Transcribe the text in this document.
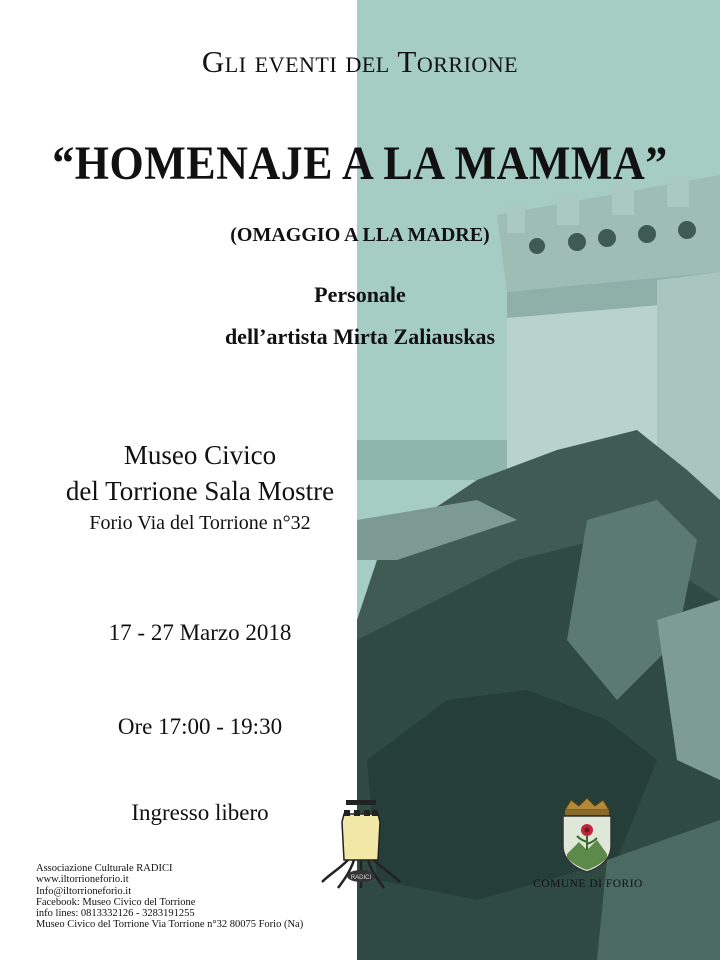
Gli eventi del Torrione
“HOMENAJE A LA MAMMA”
(OMAGGIO A LLA MADRE)
Personale
dell’artista Mirta Zaliauskas
Museo Civico
del Torrione Sala Mostre
Forio Via del Torrione n°32
17 - 27 Marzo 2018
Ore 17:00 - 19:30
Ingresso libero
Associazione Culturale RADICI
www.iltorrioneforio.it
Info@iltorrioneforio.it
Facebook: Museo Civico del Torrione
info lines: 0813332126 - 3283191255
Museo Civico del Torrione Via Torrione n°32 80075 Forio (Na)
RADICI	COMUNE DI FORIO
